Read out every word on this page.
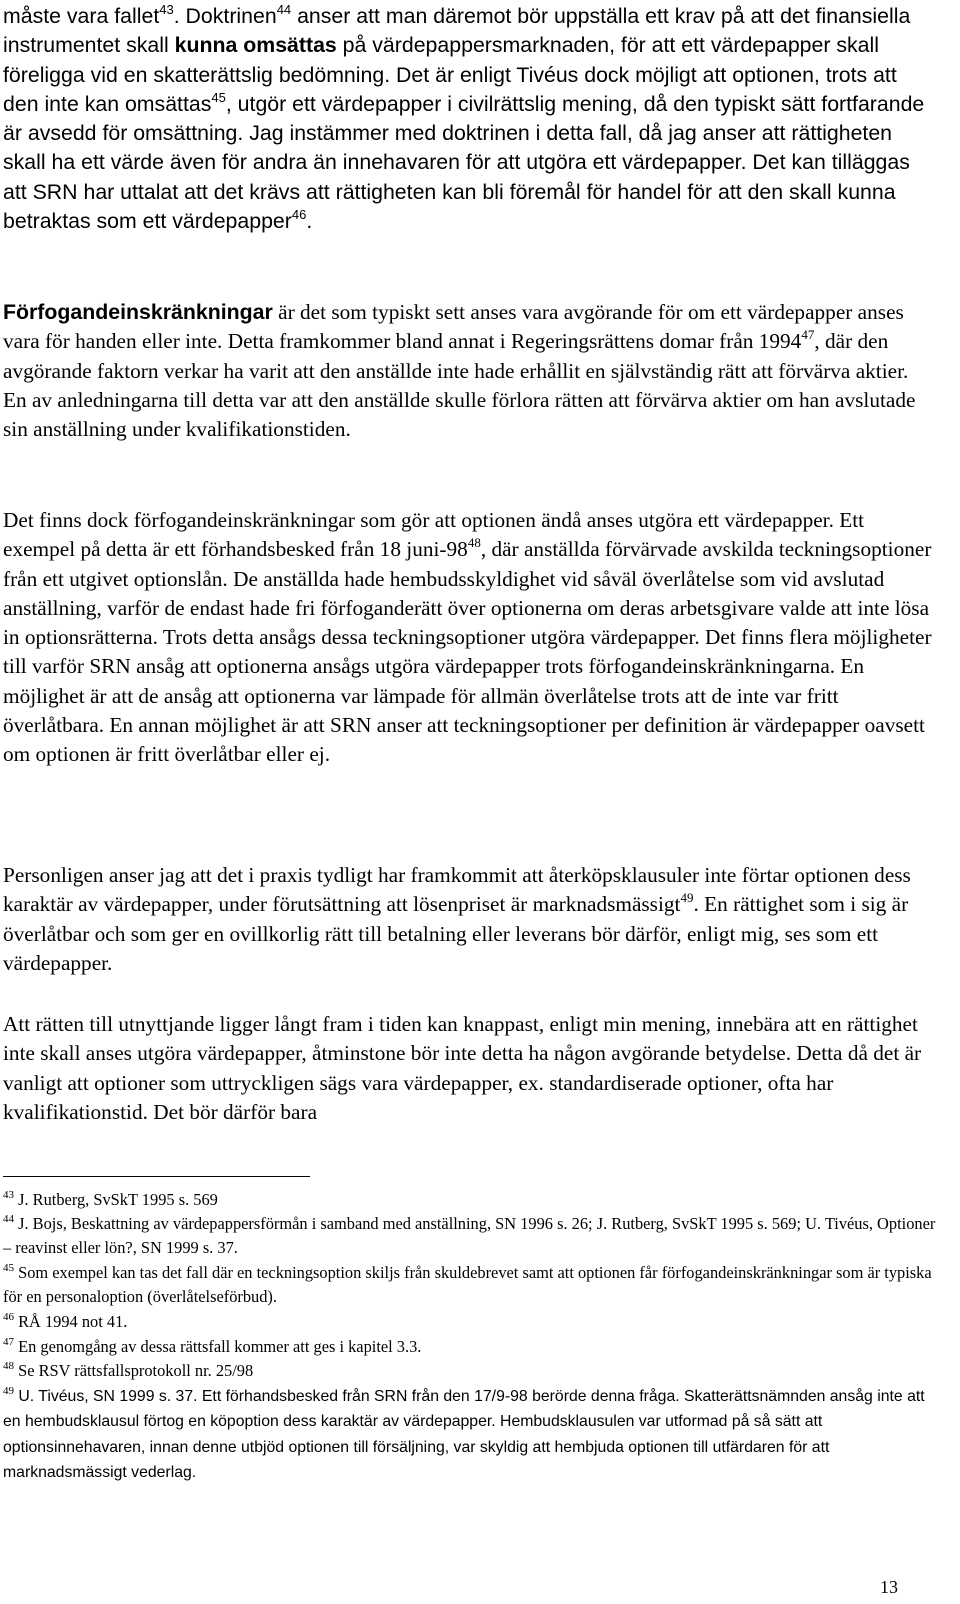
måste vara fallet$^{43}$. Doktrinen$^{44}$ anser att man däremot bör uppställa ett krav på att det finansiella instrumentet skall kunna omsättas på värdepappersmarknaden, för att ett värdepapper skall föreligga vid en skatterättslig bedömning. Det är enligt Tivéus dock möjligt att optionen, trots att den inte kan omsättas$^{45}$, utgör ett värdepapper i civilrättslig mening, då den typiskt sätt fortfarande är avsedd för omsättning. Jag instämmer med doktrinen i detta fall, då jag anser att rättigheten skall ha ett värde även för andra än innehavaren för att utgöra ett värdepapper. Det kan tilläggas att SRN har uttalat att det krävs att rättigheten kan bli föremål för handel för att den skall kunna betraktas som ett värdepapper$^{46}$.
Förfogandeinskränkningar är det som typiskt sett anses vara avgörande för om ett värdepapper anses vara för handen eller inte. Detta framkommer bland annat i Regeringsrättens domar från 1994$^{47}$, där den avgörande faktorn verkar ha varit att den anställde inte hade erhållit en självständig rätt att förvärva aktier. En av anledningarna till detta var att den anställde skulle förlora rätten att förvärva aktier om han avslutade sin anställning under kvalifikationstiden.
Det finns dock förfogandeinskränkningar som gör att optionen ändå anses utgöra ett värdepapper. Ett exempel på detta är ett förhandsbesked från 18 juni-$98^{48}$, där anställda förvärvade avskilda teckningsoptioner från ett utgivet optionslån. De anställda hade hembudsskyldighet vid såväl överlåtelse som vid avslutad anställning, varför de endast hade fri förfoganderätt över optionerna om deras arbetsgivare valde att inte lösa in optionsrätterna. Trots detta ansågs dessa teckningsoptioner utgöra värdepapper. Det finns flera möjligheter till varför SRN ansåg att optionerna ansågs utgöra värdepapper trots förfogandeinskränkningarna. En möjlighet är att de ansåg att optionerna var lämpade för allmän överlåtelse trots att de inte var fritt överlåtbara. En annan möjlighet är att SRN anser att teckningsoptioner per definition är värdepapper oavsett om optionen är fritt överlåtbar eller ej.
Personligen anser jag att det i praxis tydligt har framkommit att återköpsklausuler inte förtar optionen dess karaktär av värdepapper, under förutsättning att lösenpriset är marknadsmässigt$^{49}$. En rättighet som i sig är överlåtbar och som ger en ovillkorlig rätt till betalning eller leverans bör därför, enligt mig, ses som ett värdepapper.
Att rätten till utnyttjande ligger långt fram i tiden kan knappast, enligt min mening, innebära att en rättighet inte skall anses utgöra värdepapper, åtminstone bör inte detta ha någon avgörande betydelse. Detta då det är vanligt att optioner som uttryckligen sägs vara värdepapper, ex. standardiserade optioner, ofta har kvalifikationstid. Det bör därför bara
$^{43}$ J. Rutberg, SvSkT 1995 s. 569
$^{44}$ J. Bojs, Beskattning av värdepappersförmån i samband med anställning, SN 1996 s. 26; J. Rutberg, SvSkT 1995 s. 569; U. Tivéus, Optioner – reavinst eller lön?, SN 1999 s. 37.
$^{45}$ Som exempel kan tas det fall där en teckningsoption skiljs från skuldebrevet samt att optionen får förfogandeinskränkningar som är typiska för en personaloption (överlåtelseförbud).
$^{46}$ RÅ 1994 not 41.
$^{47}$ En genomgång av dessa rättsfall kommer att ges i kapitel 3.3.
$^{48}$ Se RSV rättsfallsprotokoll nr. 25/98
$^{49}$ U. Tivéus, SN 1999 s. 37. Ett förhandsbesked från SRN från den 17/9-98 berörde denna fråga. Skatterättsnämnden ansåg inte att en hembudsklausul förtog en köpoption dess karaktär av värdepapper. Hembudsklausulen var utformad på så sätt att optionsinnehavaren, innan denne utbjöd optionen till försäljning, var skyldig att hembjuda optionen till utfärdaren för att marknadsmässigt vederlag.
13
